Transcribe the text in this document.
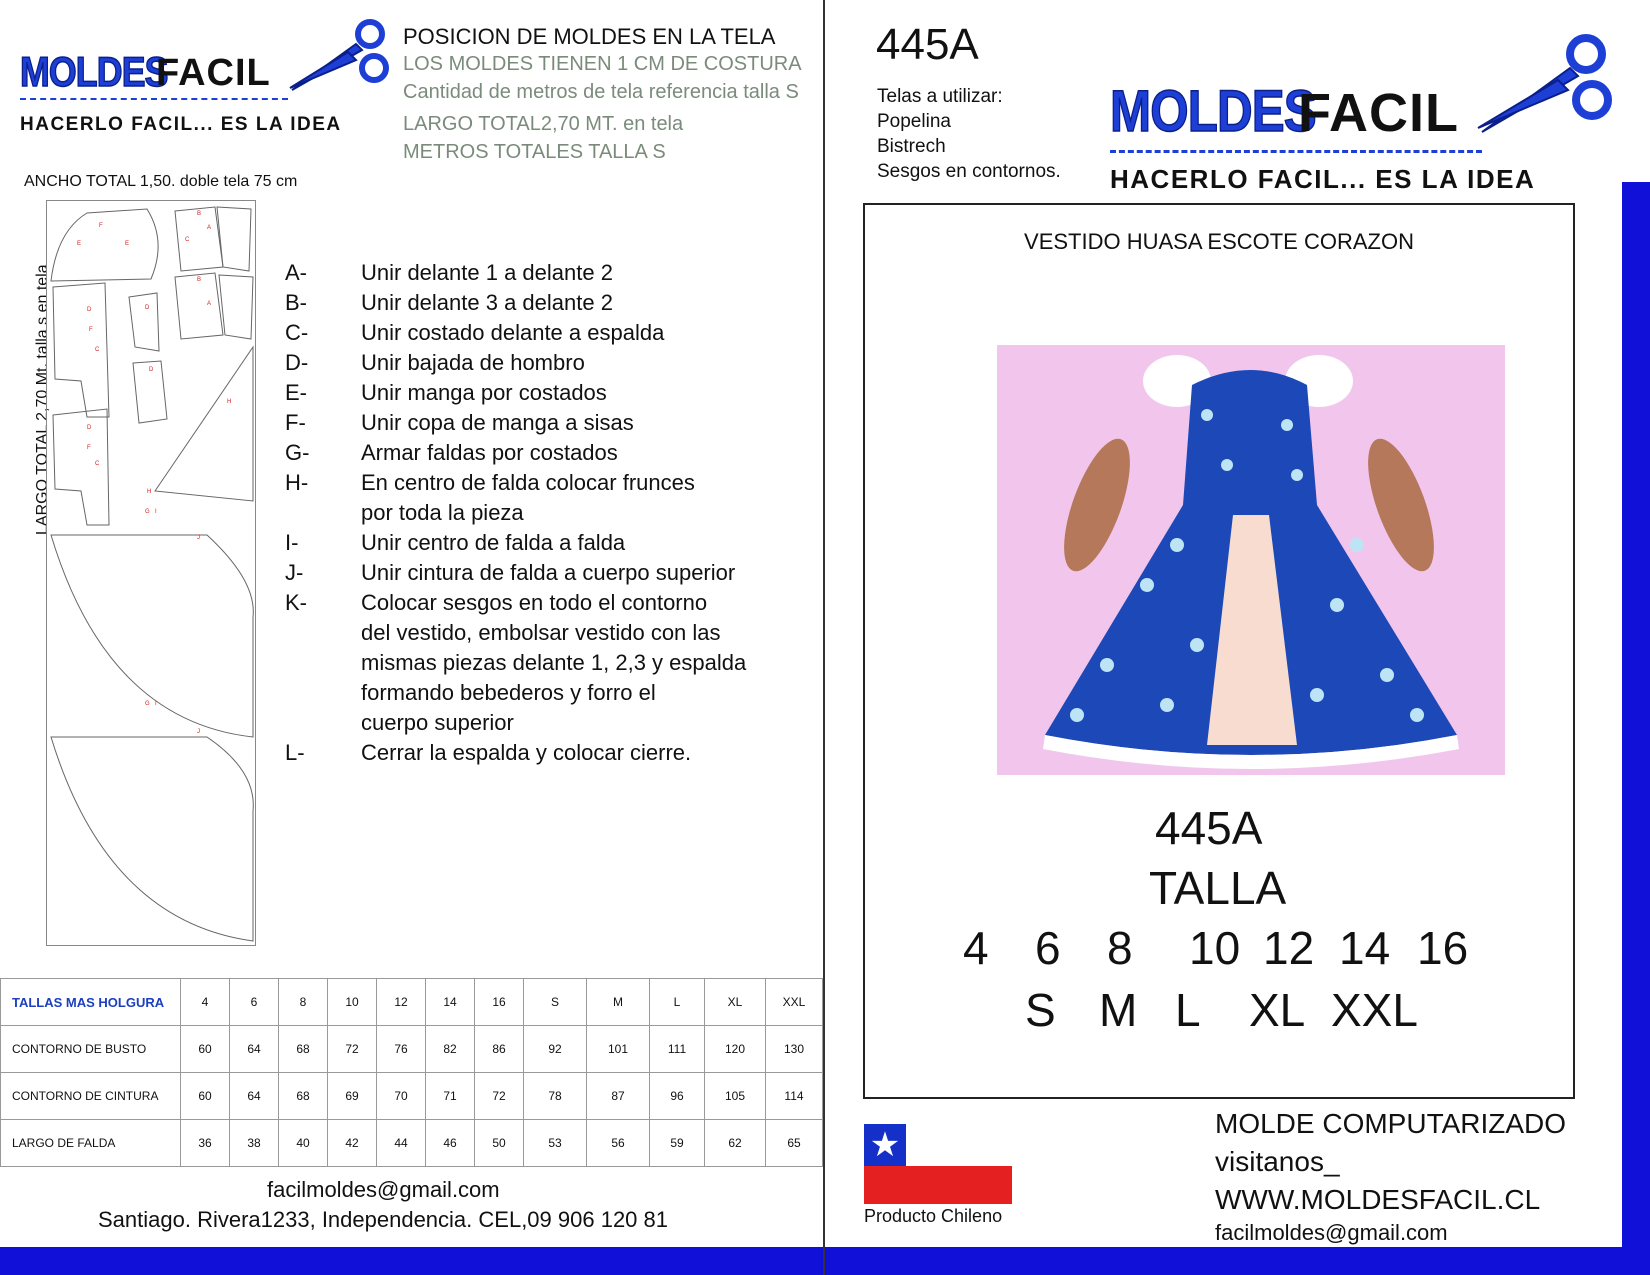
MOLDES
FACIL
HACERLO FACIL... ES LA IDEA
POSICION DE MOLDES EN LA TELA
LOS MOLDES TIENEN 1 CM DE COSTURA
Cantidad de metros de tela referencia talla S
LARGO TOTAL2,70 MT. en tela
METROS TOTALES TALLA S
ANCHO TOTAL 1,50. doble tela 75 cm
LARGO TOTAL 2,70 Mt. talla s en tela
F
E	E
B
C
A
D
F
C
D
B
A
D
H
H
D
F
C
G I
J
G I
J
A- Unir delante 1 a delante 2
B- Unir delante 3 a delante 2
C- Unir costado delante a espalda
D- Unir bajada de hombro
E- Unir manga por costados
F-	Unir copa de manga a sisas
G- Armar faldas por costados
H- En centro de falda colocar frunces
por toda la pieza
I-	Unir centro de falda a falda
J-	Unir cintura de falda a cuerpo superior
K- Colocar sesgos en todo el contorno
del vestido, embolsar vestido con las
mismas piezas delante 1, 2,3 y espalda
formando bebederos y forro el
cuerpo superior
L-	Cerrar la espalda y colocar cierre.
TALLAS MAS HOLGURA	4	6	8	10	12	14	16	S	M	L	XL	XXL
CONTORNO DE BUSTO	60	64	68	72	76	82	86	92	101	111	120	130
CONTORNO DE CINTURA	60	64	68	69	70	71	72	78	87	96	105	114
LARGO DE FALDA	36	38	40	42	44	46	50	53	56	59	62	65
facilmoldes@gmail.com
Santiago. Rivera1233, Independencia. CEL,09 906 120 81
445A
Telas a utilizar:
Popelina
Bistrech
Sesgos en contornos.
MOLDES
FACIL
HACERLO FACIL... ES LA IDEA
VESTIDO HUASA ESCOTE CORAZON
445A
TALLA
4 6 8 10 12 14 16
S M L XL XXL
★
Producto Chileno
MOLDE COMPUTARIZADO
visitanos_
WWW.MOLDESFACIL.CL
facilmoldes@gmail.com
